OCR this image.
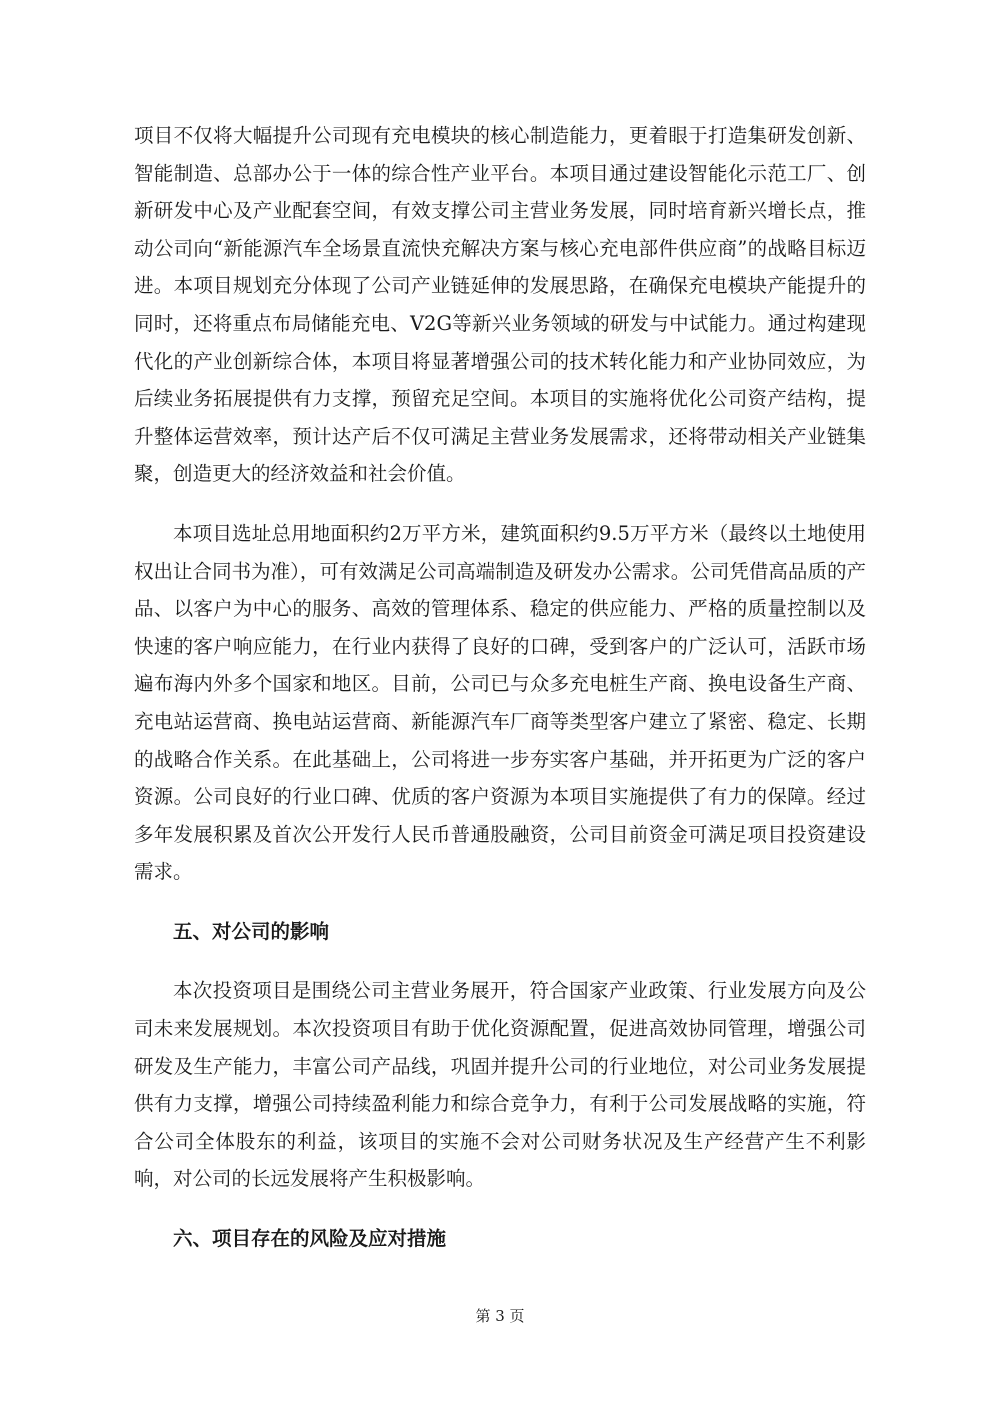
项目不仅将大幅提升公司现有充电模块的核心制造能力，更着眼于打造集研发创新、智能制造、总部办公于一体的综合性产业平台。本项目通过建设智能化示范工厂、创新研发中心及产业配套空间，有效支撑公司主营业务发展，同时培育新兴增长点，推动公司向“新能源汽车全场景直流快充解决方案与核心充电部件供应商”的战略目标迈进。本项目规划充分体现了公司产业链延伸的发展思路，在确保充电模块产能提升的同时，还将重点布局储能充电、V2G等新兴业务领域的研发与中试能力。通过构建现代化的产业创新综合体，本项目将显著增强公司的技术转化能力和产业协同效应，为后续业务拓展提供有力支撑，预留充足空间。本项目的实施将优化公司资产结构，提升整体运营效率，预计达产后不仅可满足主营业务发展需求，还将带动相关产业链集聚，创造更大的经济效益和社会价值。

本项目选址总用地面积约2万平方米，建筑面积约9.5万平方米（最终以土地使用权出让合同书为准），可有效满足公司高端制造及研发办公需求。公司凭借高品质的产品、以客户为中心的服务、高效的管理体系、稳定的供应能力、严格的质量控制以及快速的客户响应能力，在行业内获得了良好的口碑，受到客户的广泛认可，活跃市场遍布海内外多个国家和地区。目前，公司已与众多充电桩生产商、换电设备生产商、充电站运营商、换电站运营商、新能源汽车厂商等类型客户建立了紧密、稳定、长期的战略合作关系。在此基础上，公司将进一步夯实客户基础，并开拓更为广泛的客户资源。公司良好的行业口碑、优质的客户资源为本项目实施提供了有力的保障。经过多年发展积累及首次公开发行人民币普通股融资，公司目前资金可满足项目投资建设需求。

五、对公司的影响

本次投资项目是围绕公司主营业务展开，符合国家产业政策、行业发展方向及公司未来发展规划。本次投资项目有助于优化资源配置，促进高效协同管理，增强公司研发及生产能力，丰富公司产品线，巩固并提升公司的行业地位，对公司业务发展提供有力支撑，增强公司持续盈利能力和综合竞争力，有利于公司发展战略的实施，符合公司全体股东的利益，该项目的实施不会对公司财务状况及生产经营产生不利影响，对公司的长远发展将产生积极影响。

六、项目存在的风险及应对措施
第 3 页
